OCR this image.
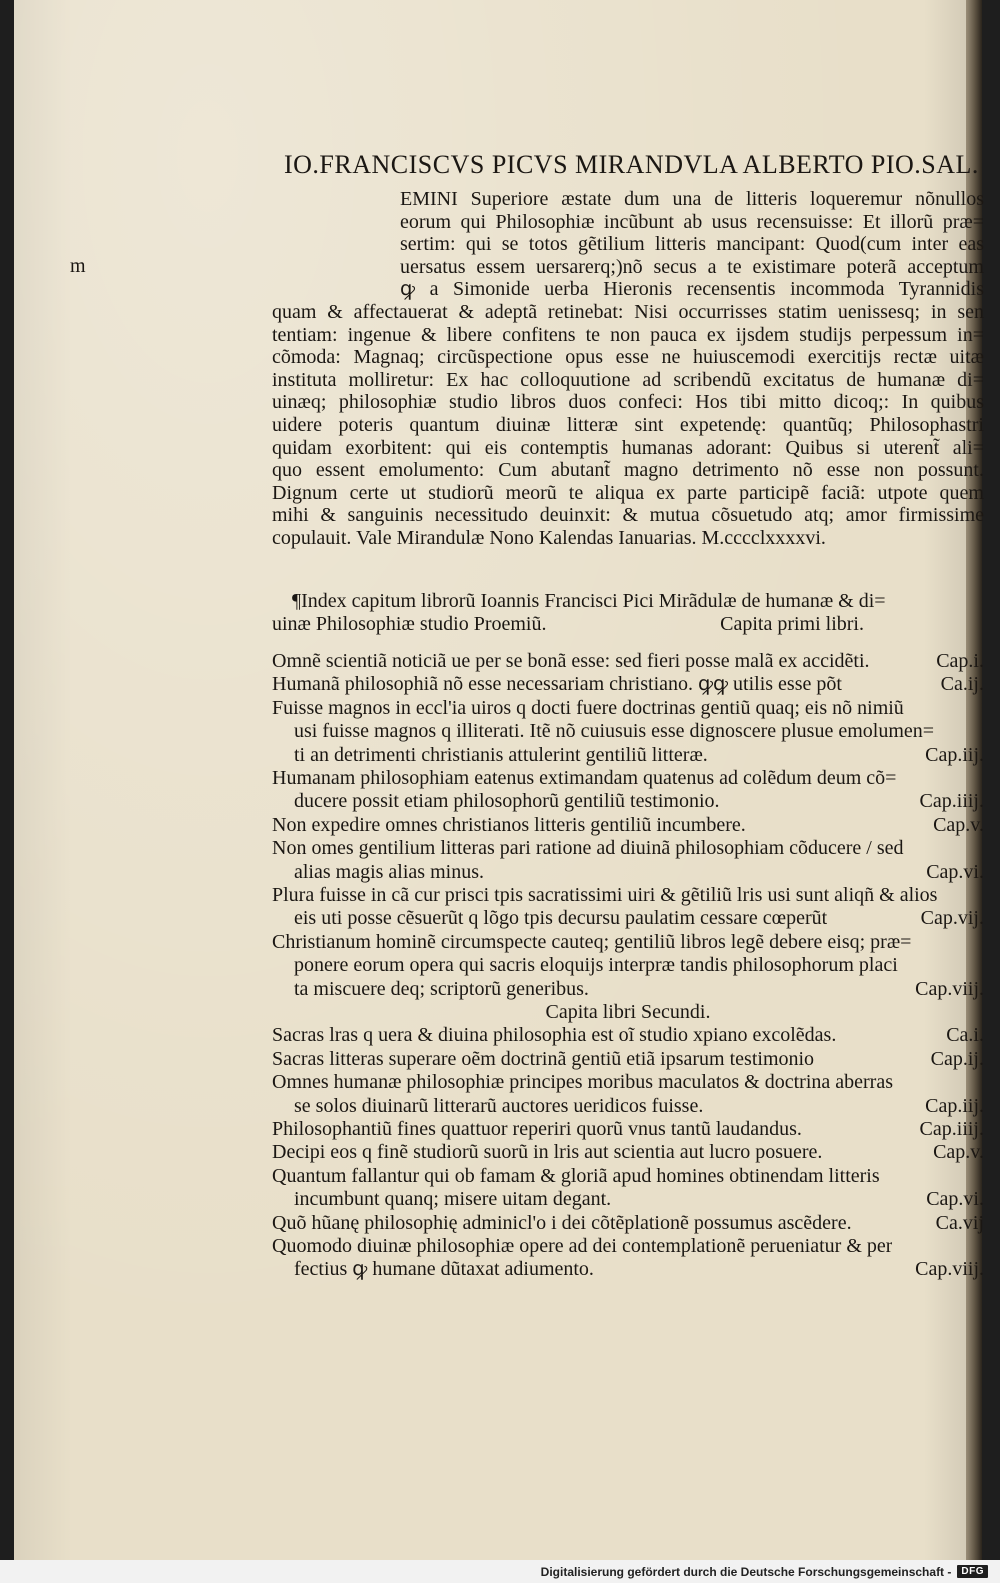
m
IO.FRANCISCVS PICVS MIRANDVLA ALBERTO PIO.SAL.
EMINI Superiore æstate dum una de litteris loqueremur nõnullos
eorum qui Philosophiæ incũbunt ab usus recensuisse: Et illorũ præ=
sertim: qui se totos gẽtilium litteris mancipant: Quod(cum inter eas
uersatus essem uersarerq;)nõ secus a te existimare poterã acceptum
ꝙ a Simonide uerba Hieronis recensentis incommoda Tyrannidis
quam & affectauerat & adeptã retinebat: Nisi occurrisses statim uenissesq; in sen
tentiam: ingenue & libere confitens te non pauca ex ijsdem studijs perpessum in=
cõmoda: Magnaq; circũspectione opus esse ne huiuscemodi exercitijs rectæ uitæ
instituta molliretur: Ex hac colloquutione ad scribendũ excitatus de humanæ di=
uinæq; philosophiæ studio libros duos confeci: Hos tibi mitto dicoq;: In quibus
uidere poteris quantum diuinæ litteræ sint expetendę: quantũq; Philosophastri
quidam exorbitent: qui eis contemptis humanas adorant: Quibus si uterent̃ ali=
quo essent emolumento: Cum abutant̃ magno detrimento nõ esse non possunt.
Dignum certe ut studiorũ meorũ te aliqua ex parte participẽ faciã: utpote quem
mihi & sanguinis necessitudo deuinxit: & mutua cõsuetudo atq; amor firmissime
copulauit. Vale Mirandulæ Nono Kalendas Ianuarias. M.cccclxxxxvi.
¶Index capitum librorũ Ioannis Francisci Pici Mirãdulæ de humanæ & di=
uinæ Philosophiæ studio Proemiũ.	Capita primi libri.
Omnẽ scientiã noticiã ue per se bonã esse: sed fieri posse malã ex accidẽti.	Cap.i.
Humanã philosophiã nõ esse necessariam christiano. ꝙꝙ utilis esse põt	Ca.ij.
Fuisse magnos in eccl'ia uiros q docti fuere doctrinas gentiũ quaq; eis nõ nimiũ
usi fuisse magnos q illiterati. Itẽ nõ cuiusuis esse dignoscere plusue emolumen=
ti an detrimenti christianis attulerint gentiliũ litteræ.	Cap.iij.
Humanam philosophiam eatenus extimandam quatenus ad colẽdum deum cõ=
ducere possit etiam philosophorũ gentiliũ testimonio.	Cap.iiij.
Non expedire omnes christianos litteris gentiliũ incumbere.	Cap.v.
Non omes gentilium litteras pari ratione ad diuinã philosophiam cõducere / sed
alias magis alias minus.	Cap.vi.
Plura fuisse in cã cur prisci tpis sacratissimi uiri & gẽtiliũ lris usi sunt aliqñ & alios
eis uti posse cẽsuerũt q lõgo tpis decursu paulatim cessare cœperũt	Cap.vij.
Christianum hominẽ circumspecte cauteq; gentiliũ libros legẽ debere eisq; præ=
ponere eorum opera qui sacris eloquijs interpræ tandis philosophorum placi
ta miscuere deq; scriptorũ generibus.	Cap.viij.
Capita libri Secundi.
Sacras lras q uera & diuina philosophia est oĩ studio xpiano excolẽdas.	Ca.i.
Sacras litteras superare oẽm doctrinã gentiũ etiã ipsarum testimonio	Cap.ij.
Omnes humanæ philosophiæ principes moribus maculatos & doctrina aberras
se solos diuinarũ litterarũ auctores ueridicos fuisse.	Cap.iij.
Philosophantiũ fines quattuor reperiri quorũ vnus tantũ laudandus.	Cap.iiij.
Decipi eos q finẽ studiorũ suorũ in lris aut scientia aut lucro posuere.	Cap.v.
Quantum fallantur qui ob famam & gloriã apud homines obtinendam litteris
incumbunt quanq; misere uitam degant.	Cap.vi.
Quõ hũanę philosophię adminicl'o i dei cõtẽplationẽ possumus ascẽdere.	Ca.vij
Quomodo diuinæ philosophiæ opere ad dei contemplationẽ perueniatur & per
fectius ꝙ humane dũtaxat adiumento.	Cap.viij.
Digitalisierung gefördert durch die Deutsche Forschungsgemeinschaft -	DFG
